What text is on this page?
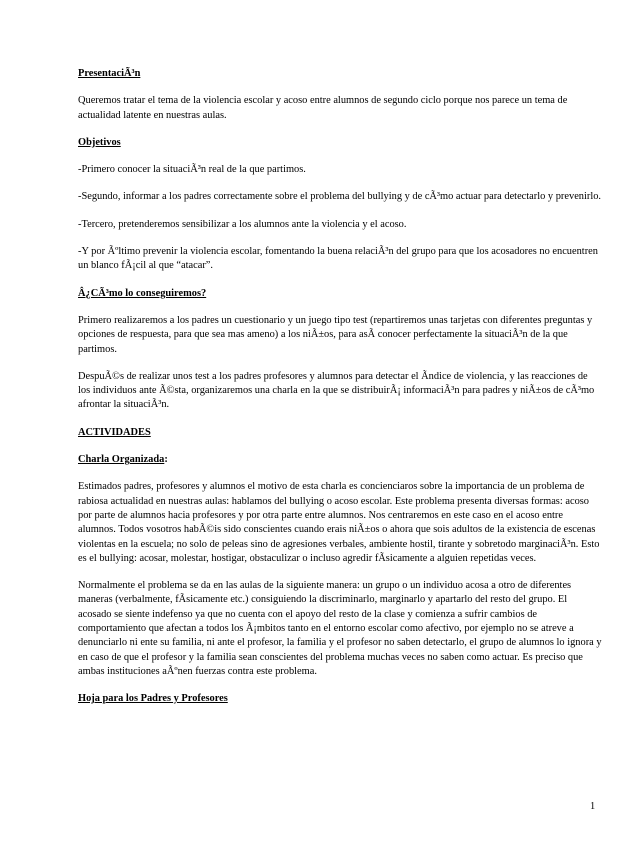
PresentaciÃ³n

Queremos tratar el tema de la violencia escolar y acoso entre alumnos de segundo ciclo porque nos parece un tema de actualidad latente en nuestras aulas.

Objetivos

-Primero conocer la situaciÃ³n real de la que partimos.

-Segundo, informar a los padres correctamente sobre el problema del bullying y de cÃ³mo actuar para detectarlo y prevenirlo.

-Tercero, pretenderemos sensibilizar a los alumnos ante la violencia y el acoso.

-Y por Ãºltimo prevenir la violencia escolar, fomentando la buena relaciÃ³n del grupo para que los acosadores no encuentren un blanco fÃ¡cil al que “atacar”.

Â¿CÃ³mo lo conseguiremos?

Primero realizaremos a los padres un cuestionario y un juego tipo test (repartiremos unas tarjetas con diferentes preguntas y opciones de respuesta, para que sea mas ameno) a los niÃ±os, para asÃ conocer perfectamente la situaciÃ³n de la que partimos.

DespuÃ©s de realizar unos test a los padres profesores y alumnos para detectar el Ãndice de violencia, y las reacciones de los individuos ante Ã©sta, organizaremos una charla en la que se distribuirÃ¡ informaciÃ³n para padres y niÃ±os de cÃ³mo afrontar la situaciÃ³n.

ACTIVIDADES
Charla Organizada:

Estimados padres, profesores y alumnos el motivo de esta charla es concienciaros sobre la importancia de un problema de rabiosa actualidad en nuestras aulas: hablamos del bullying o acoso escolar. Este problema presenta diversas formas: acoso por parte de alumnos hacia profesores y por otra parte entre alumnos. Nos centraremos en este caso en el acoso entre alumnos. Todos vosotros habÃ©is sido conscientes cuando erais niÃ±os o ahora que sois adultos de la existencia de escenas violentas en la escuela; no solo de peleas sino de agresiones verbales, ambiente hostil, tirante y sobretodo marginaciÃ³n. Esto es el bullying: acosar, molestar, hostigar, obstaculizar o incluso agredir fÃsicamente a alguien repetidas veces.

Normalmente el problema se da en las aulas de la siguiente manera: un grupo o un individuo acosa a otro de diferentes maneras (verbalmente, fÃsicamente etc.) consiguiendo la discriminarlo, marginarlo y apartarlo del resto del grupo. El acosado se siente indefenso ya que no cuenta con el apoyo del resto de la clase y comienza a sufrir cambios de comportamiento que afectan a todos los Ã¡mbitos tanto en el entorno escolar como afectivo, por ejemplo no se atreve a denunciarlo ni ente su familia, ni ante el profesor, la familia y el profesor no saben detectarlo, el grupo de alumnos lo ignora y en caso de que el profesor y la familia sean conscientes del problema muchas veces no saben como actuar. Es preciso que ambas instituciones aÃºnen fuerzas contra este problema.

Hoja para los Padres y Profesores
1
